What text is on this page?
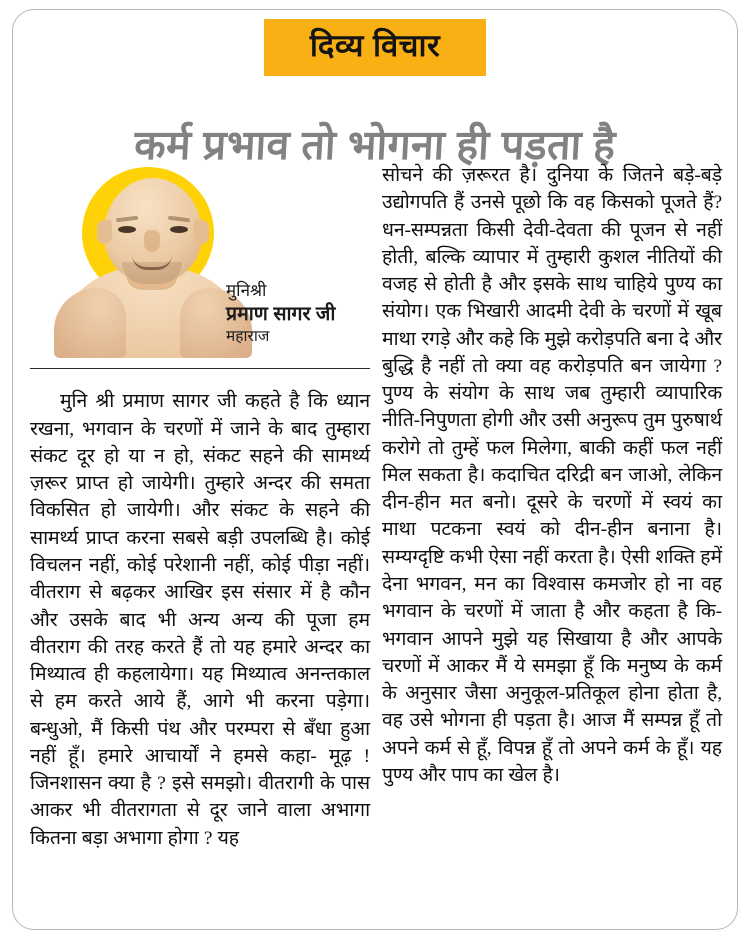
दिव्य विचार
कर्म प्रभाव तो भोगना ही पड़ता है
मुनिश्री
प्रमाण सागर जी
महाराज

मुनि श्री प्रमाण सागर जी कहते है कि ध्यान रखना, भगवान के चरणों में जाने के बाद तुम्हारा संकट दूर हो या न हो, संकट सहने की सामर्थ्य ज़रूर प्राप्त हो जायेगी। तुम्हारे अन्दर की समता विकसित हो जायेगी। और संकट के सहने की सामर्थ्य प्राप्त करना सबसे बड़ी उपलब्धि है। कोई विचलन नहीं, कोई परेशानी नहीं, कोई पीड़ा नहीं। वीतराग से बढ़कर आखिर इस संसार में है कौन और उसके बाद भी अन्य अन्य की पूजा हम वीतराग की तरह करते हैं तो यह हमारे अन्दर का मिथ्यात्व ही कहलायेगा। यह मिथ्यात्व अनन्तकाल से हम करते आये हैं, आगे भी करना पड़ेगा। बन्धुओ, मैं किसी पंथ और परम्परा से बँधा हुआ नहीं हूँ। हमारे आचार्यों ने हमसे कहा- मूढ़ ! जिनशासन क्या है ? इसे समझो। वीतरागी के पास आकर भी वीतरागता से दूर जाने वाला अभागा कितना बड़ा अभागा होगा ? यह

सोचने की ज़रूरत है। दुनिया के जितने बड़े-बड़े उद्योगपति हैं उनसे पूछो कि वह किसको पूजते हैं? धन-सम्पन्नता किसी देवी-देवता की पूजन से नहीं होती, बल्कि व्यापार में तुम्हारी कुशल नीतियों की वजह से होती है और इसके साथ चाहिये पुण्य का संयोग। एक भिखारी आदमी देवी के चरणों में खूब माथा रगड़े और कहे कि मुझे करोड़पति बना दे और बुद्धि है नहीं तो क्या वह करोड़पति बन जायेगा ? पुण्य के संयोग के साथ जब तुम्हारी व्यापारिक नीति-निपुणता होगी और उसी अनुरूप तुम पुरुषार्थ करोगे तो तुम्हें फल मिलेगा, बाकी कहीं फल नहीं मिल सकता है। कदाचित दरिद्री बन जाओ, लेकिन दीन-हीन मत बनो। दूसरे के चरणों में स्वयं का माथा पटकना स्वयं को दीन-हीन बनाना है। सम्यग्दृष्टि कभी ऐसा नहीं करता है। ऐसी शक्ति हमें देना भगवन, मन का विश्वास कमजोर हो ना वह भगवान के चरणों में जाता है और कहता है कि- भगवान आपने मुझे यह सिखाया है और आपके चरणों में आकर मैं ये समझा हूँ कि मनुष्य के कर्म के अनुसार जैसा अनुकूल-प्रतिकूल होना होता है, वह उसे भोगना ही पड़ता है। आज मैं सम्पन्न हूँ तो अपने कर्म से हूँ, विपन्न हूँ तो अपने कर्म के हूँ। यह पुण्य और पाप का खेल है।
